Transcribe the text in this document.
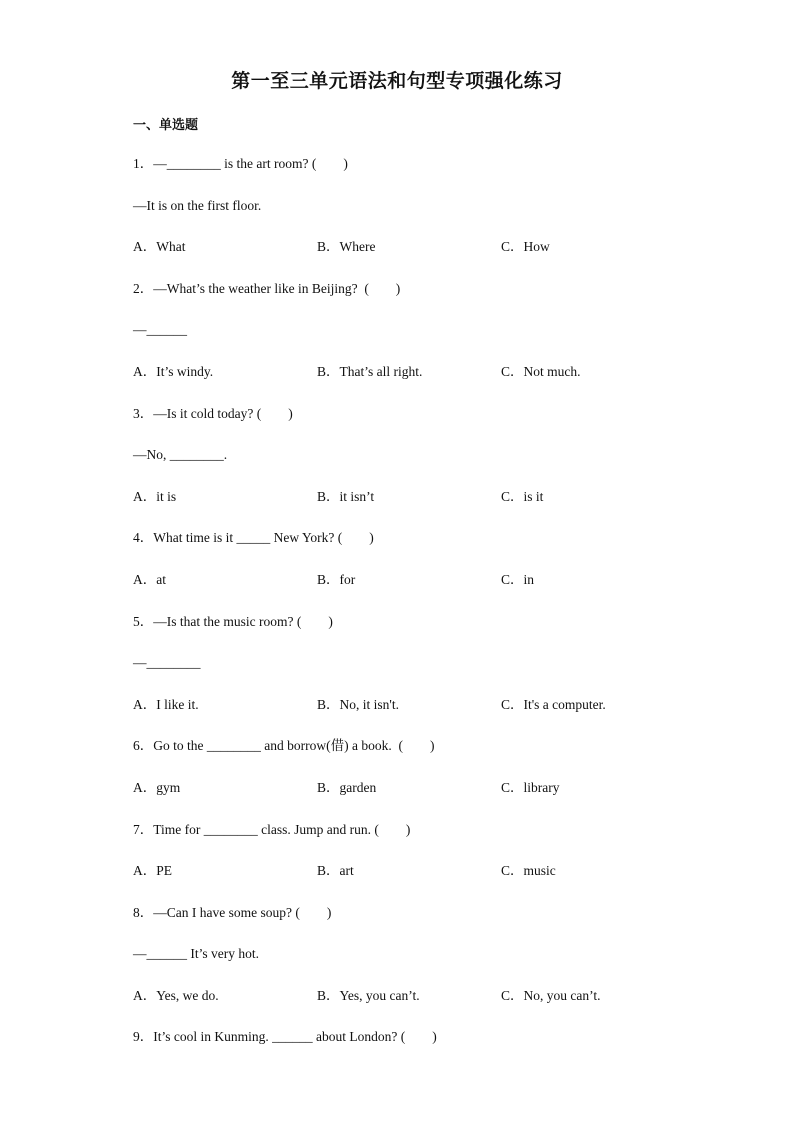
第一至三单元语法和句型专项强化练习
一、单选题
1．—________ is the art room? (　　)
—It is on the first floor.
A．What	B．Where	C．How
2．—What’s the weather like in Beijing?  (　　)
—______
A．It’s windy.	B．That’s all right.	C．Not much.
3．—Is it cold today? (　　)
—No, ________.
A．it is	B．it isn’t	C．is it
4．What time is it _____ New York? (　　)
A．at	B．for	C．in
5．—Is that the music room? (　　)
—________
A．I like it.	B．No, it isn't.	C．It's a computer.
6．Go to the ________ and borrow(借) a book.  (　　)
A．gym	B．garden	C．library
7．Time for ________ class. Jump and run. (　　)
A．PE	B．art	C．music
8．—Can I have some soup? (　　)
—______ It’s very hot.
A．Yes, we do.	B．Yes, you can’t.	C．No, you can’t.
9．It’s cool in Kunming. ______ about London? (　　)
